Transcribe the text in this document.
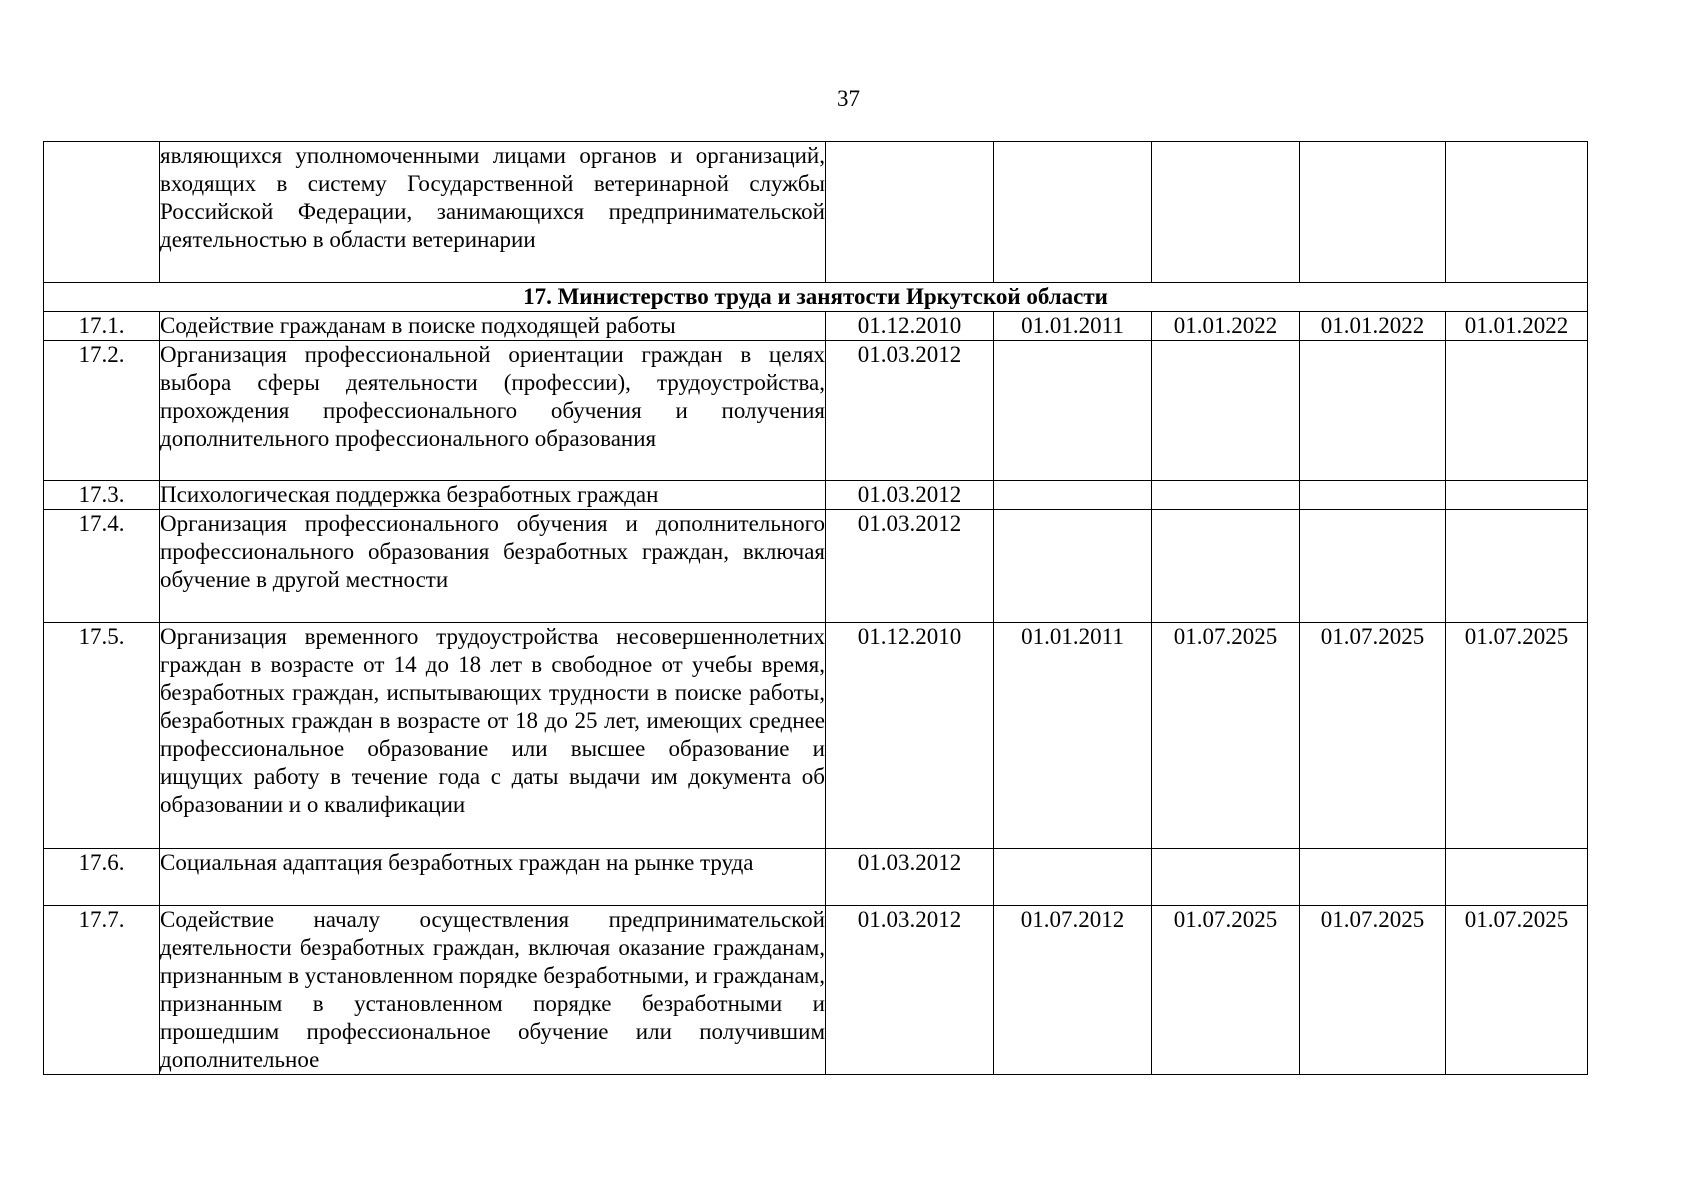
37
	являющихся уполномоченными лицами органов и организаций, входящих в систему Государственной ветеринарной службы Российской Федерации, занимающихся предпринимательской деятельностью в области ветеринарии					
17. Министерство труда и занятости Иркутской области						
17.1.	Содействие гражданам в поиске подходящей работы	01.12.2010	01.01.2011	01.01.2022	01.01.2022	01.01.2022
17.2.	Организация профессиональной ориентации граждан в целях выбора сферы деятельности (профессии), трудоустройства, прохождения профессионального обучения и получения дополнительного профессионального образования	01.03.2012				
17.3.	Психологическая поддержка безработных граждан	01.03.2012				
17.4.	Организация профессионального обучения и дополнительного профессионального образования безработных граждан, включая обучение в другой местности	01.03.2012				
17.5.	Организация временного трудоустройства несовершеннолетних граждан в возрасте от 14 до 18 лет в свободное от учебы время, безработных граждан, испытывающих трудности в поиске работы, безработных граждан в возрасте от 18 до 25 лет, имеющих среднее профессиональное образование или высшее образование и ищущих работу в течение года с даты выдачи им документа об образовании и о квалификации	01.12.2010	01.01.2011	01.07.2025	01.07.2025	01.07.2025
17.6.	Социальная адаптация безработных граждан на рынке труда	01.03.2012				
17.7.	Содействие началу осуществления предпринимательской деятельности безработных граждан, включая оказание гражданам, признанным в установленном порядке безработными, и гражданам, признанным в установленном порядке безработными и прошедшим профессиональное обучение или получившим дополнительное	01.03.2012	01.07.2012	01.07.2025	01.07.2025	01.07.2025
